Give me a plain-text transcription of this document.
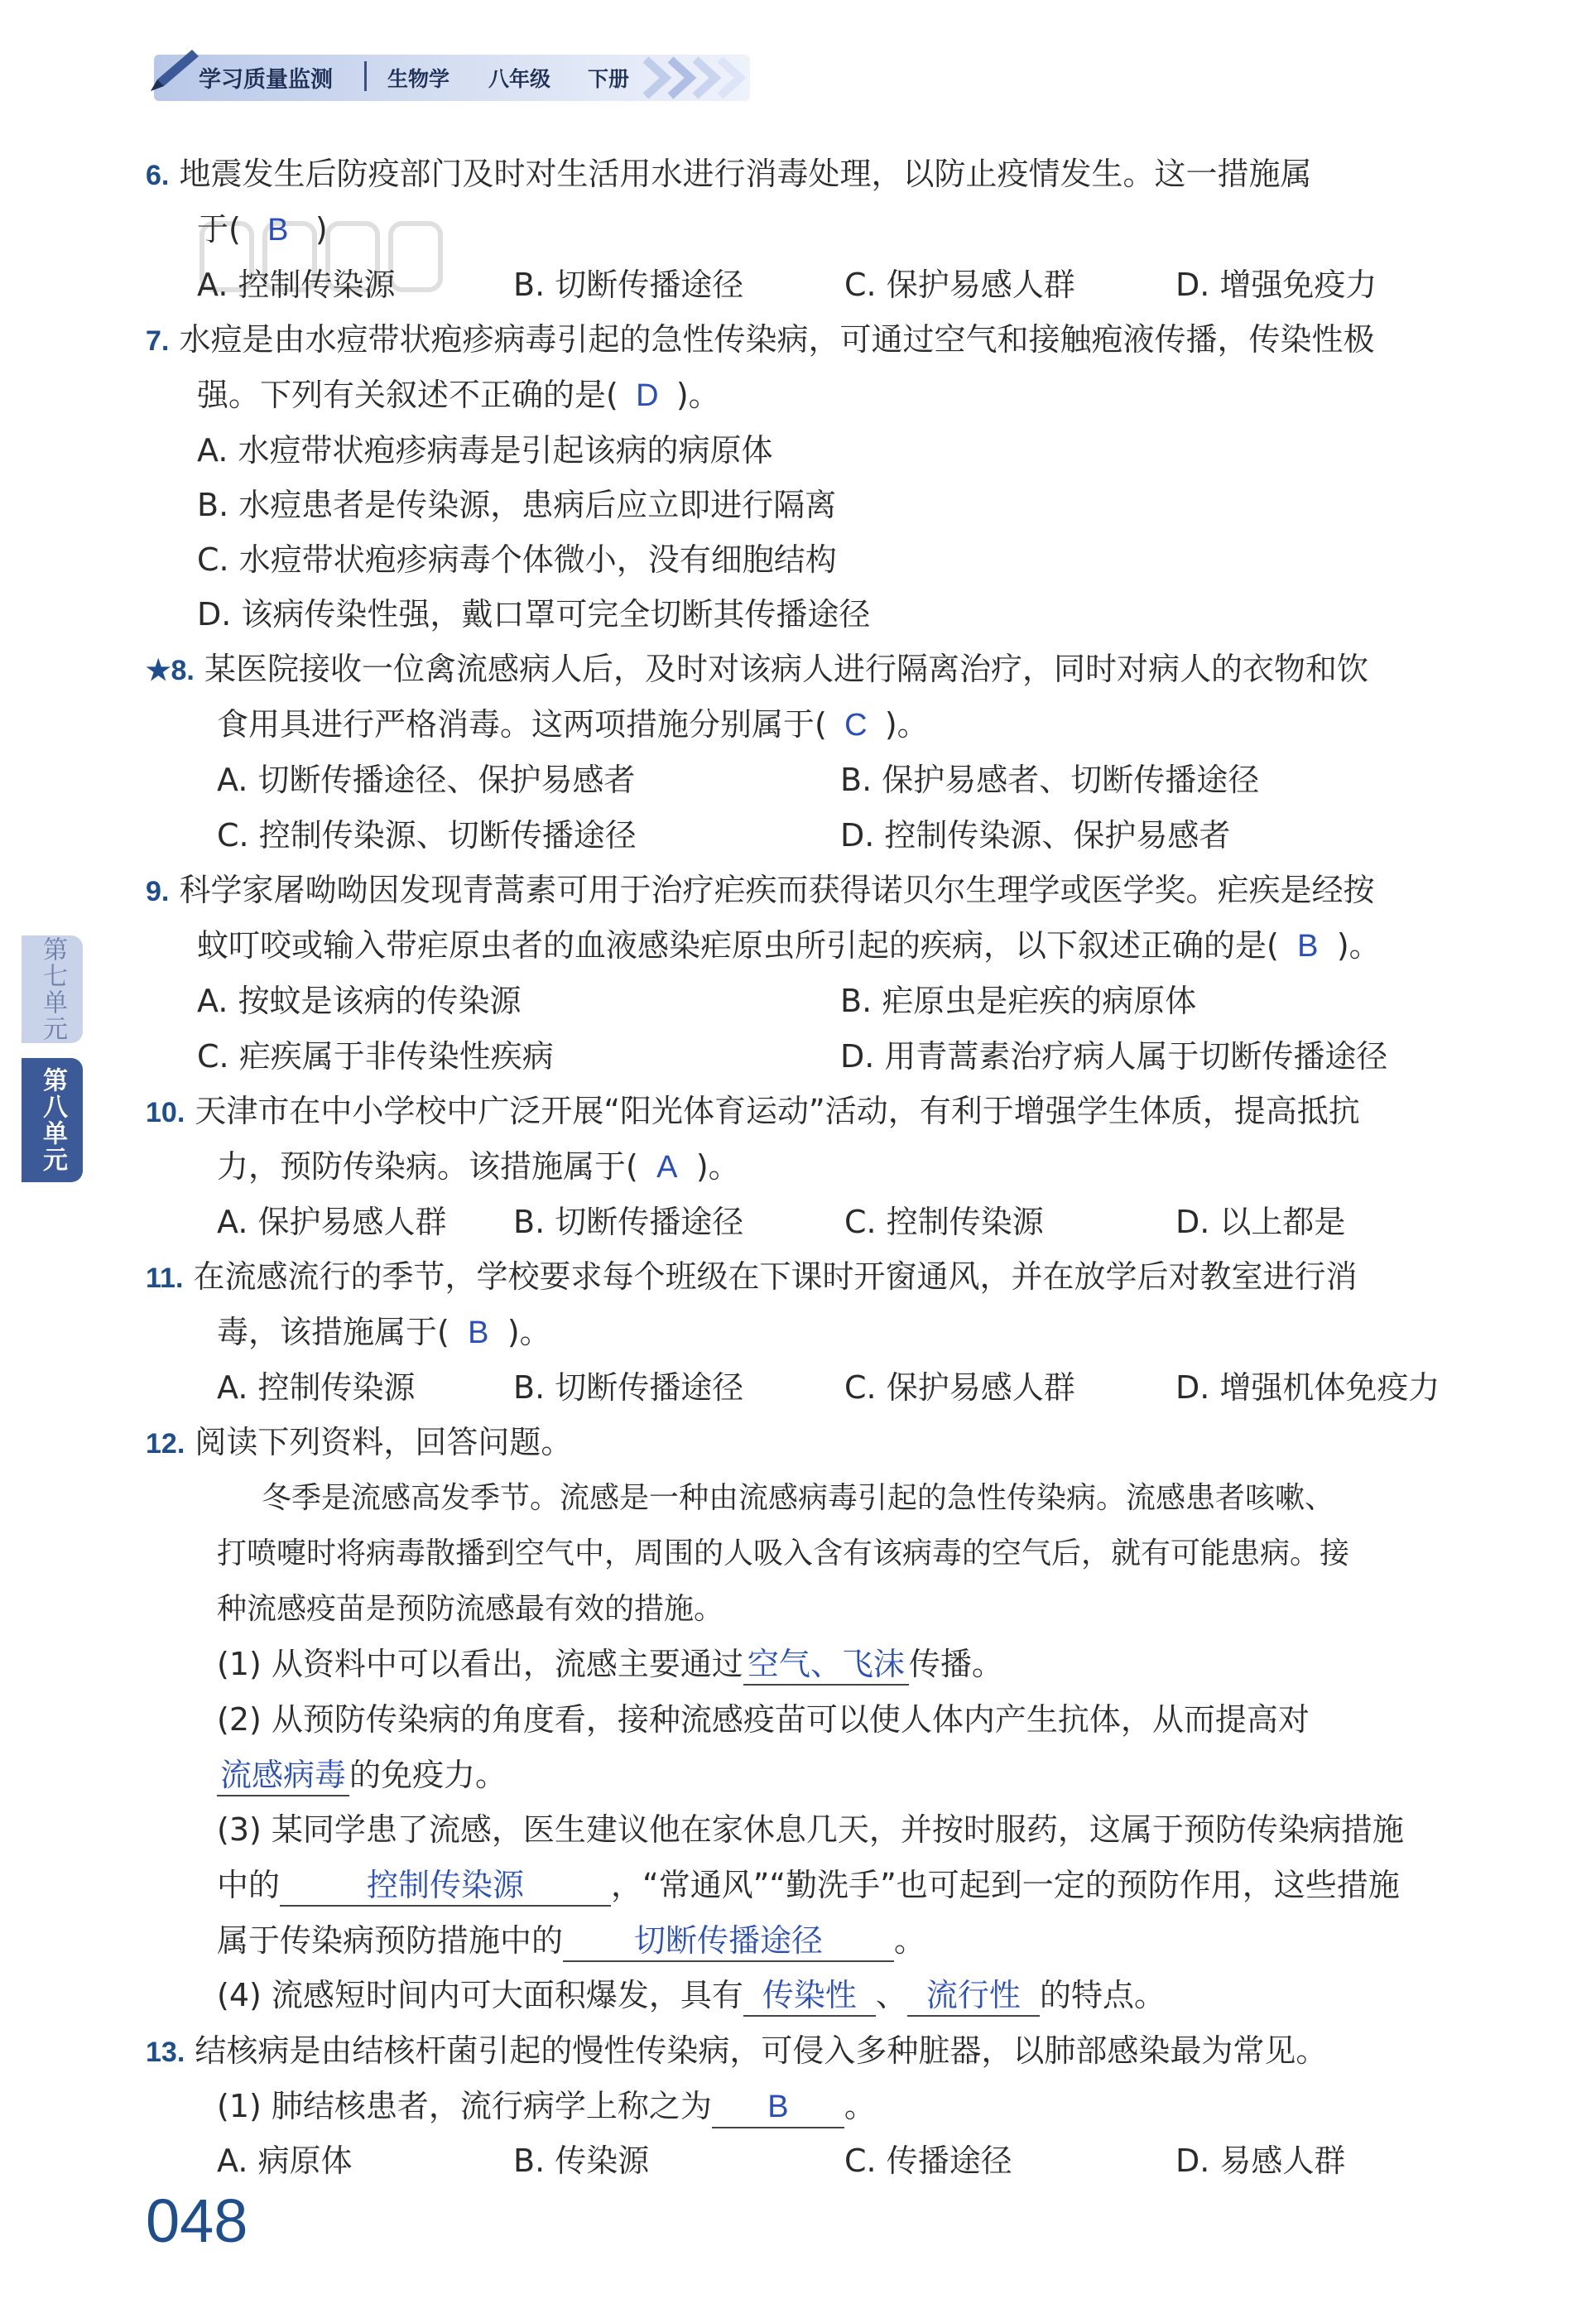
学习质量监测	生物学 八年级 下册
第七单元
第八单元
6. 地震发生后防疫部门及时对生活用水进行消毒处理，以防止疫情发生。这一措施属
于( B )
A. 控制传染源	B. 切断传播途径	C. 保护易感人群	D. 增强免疫力
7. 水痘是由水痘带状疱疹病毒引起的急性传染病，可通过空气和接触疱液传播，传染性极
强。下列有关叙述不正确的是( D )。
A. 水痘带状疱疹病毒是引起该病的病原体
B. 水痘患者是传染源，患病后应立即进行隔离
C. 水痘带状疱疹病毒个体微小，没有细胞结构
D. 该病传染性强，戴口罩可完全切断其传播途径
★8. 某医院接收一位禽流感病人后，及时对该病人进行隔离治疗，同时对病人的衣物和饮
食用具进行严格消毒。这两项措施分别属于( C )。
A. 切断传播途径、保护易感者	B. 保护易感者、切断传播途径
C. 控制传染源、切断传播途径	D. 控制传染源、保护易感者
9. 科学家屠呦呦因发现青蒿素可用于治疗疟疾而获得诺贝尔生理学或医学奖。疟疾是经按
蚊叮咬或输入带疟原虫者的血液感染疟原虫所引起的疾病，以下叙述正确的是( B )。
A. 按蚊是该病的传染源	B. 疟原虫是疟疾的病原体
C. 疟疾属于非传染性疾病	D. 用青蒿素治疗病人属于切断传播途径
10. 天津市在中小学校中广泛开展“阳光体育运动”活动，有利于增强学生体质，提高抵抗
力，预防传染病。该措施属于( A )。
A. 保护易感人群 B. 切断传播途径	C. 控制传染源	D. 以上都是
11. 在流感流行的季节，学校要求每个班级在下课时开窗通风，并在放学后对教室进行消
毒，该措施属于( B )。
A. 控制传染源	B. 切断传播途径	C. 保护易感人群	D. 增强机体免疫力
12. 阅读下列资料，回答问题。
冬季是流感高发季节。流感是一种由流感病毒引起的急性传染病。流感患者咳嗽、
打喷嚏时将病毒散播到空气中，周围的人吸入含有该病毒的空气后，就有可能患病。接
种流感疫苗是预防流感最有效的措施。
(1) 从资料中可以看出，流感主要通过 空气、飞沫 传播。
(2) 从预防传染病的角度看，接种流感疫苗可以使人体内产生抗体，从而提高对
流感病毒 的免疫力。
(3) 某同学患了流感，医生建议他在家休息几天，并按时服药，这属于预防传染病措施
中的	控制传染源	，“常通风”“勤洗手”也可起到一定的预防作用，这些措施
属于传染病预防措施中的 切断传播途径 。
(4) 流感短时间内可大面积爆发，具有 传染性 、 流行性 的特点。
13. 结核病是由结核杆菌引起的慢性传染病，可侵入多种脏器，以肺部感染最为常见。
(1) 肺结核患者，流行病学上称之为 B 。
A. 病原体	B. 传染源	C. 传播途径	D. 易感人群
048
